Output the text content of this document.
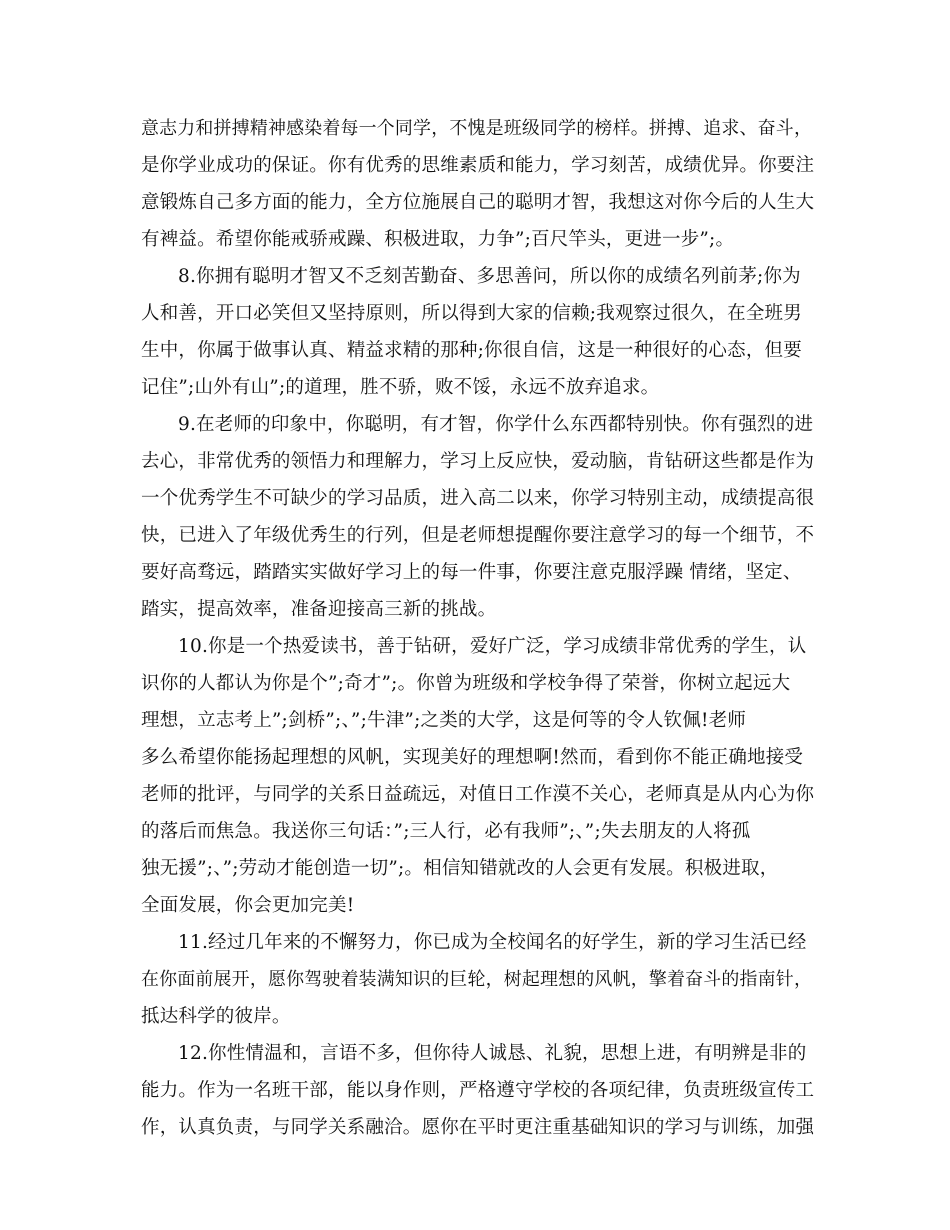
意志力和拼搏精神感染着每一个同学，不愧是班级同学的榜样。拼搏、追求、奋斗，
是你学业成功的保证。你有优秀的思维素质和能力，学习刻苦，成绩优异。你要注
意锻炼自己多方面的能力，全方位施展自己的聪明才智，我想这对你今后的人生大
有裨益。希望你能戒骄戒躁、积极进取，力争”;百尺竿头，更进一步”;。
8.你拥有聪明才智又不乏刻苦勤奋、多思善问，所以你的成绩名列前茅;你为
人和善，开口必笑但又坚持原则，所以得到大家的信赖;我观察过很久，在全班男
生中，你属于做事认真、精益求精的那种;你很自信，这是一种很好的心态，但要
记住”;山外有山”;的道理，胜不骄，败不馁，永远不放弃追求。
9.在老师的印象中，你聪明，有才智，你学什么东西都特别快。你有强烈的进
去心，非常优秀的领悟力和理解力，学习上反应快，爱动脑，肯钻研这些都是作为
一个优秀学生不可缺少的学习品质，进入高二以来，你学习特别主动，成绩提高很
快，已进入了年级优秀生的行列，但是老师想提醒你要注意学习的每一个细节，不
要好高骛远，踏踏实实做好学习上的每一件事，你要注意克服浮躁 情绪，坚定、
踏实，提高效率，准备迎接高三新的挑战。
10.你是一个热爱读书，善于钻研，爱好广泛，学习成绩非常优秀的学生，认
识你的人都认为你是个”;奇才”;。你曾为班级和学校争得了荣誉，你树立起远大
理想，立志考上”;剑桥”;、”;牛津”;之类的大学，这是何等的令人钦佩!老师
多么希望你能扬起理想的风帆，实现美好的理想啊!然而，看到你不能正确地接受
老师的批评，与同学的关系日益疏远，对值日工作漠不关心，老师真是从内心为你
的落后而焦急。我送你三句话：”;三人行，必有我师”;、”;失去朋友的人将孤
独无援”;、”;劳动才能创造一切”;。相信知错就改的人会更有发展。积极进取，
全面发展，你会更加完美!
11.经过几年来的不懈努力，你已成为全校闻名的好学生，新的学习生活已经
在你面前展开，愿你驾驶着装满知识的巨轮，树起理想的风帆，擎着奋斗的指南针，
抵达科学的彼岸。
12.你性情温和，言语不多，但你待人诚恳、礼貌，思想上进，有明辨是非的
能力。作为一名班干部，能以身作则，严格遵守学校的各项纪律，负责班级宣传工
作，认真负责，与同学关系融洽。愿你在平时更注重基础知识的学习与训练，加强
